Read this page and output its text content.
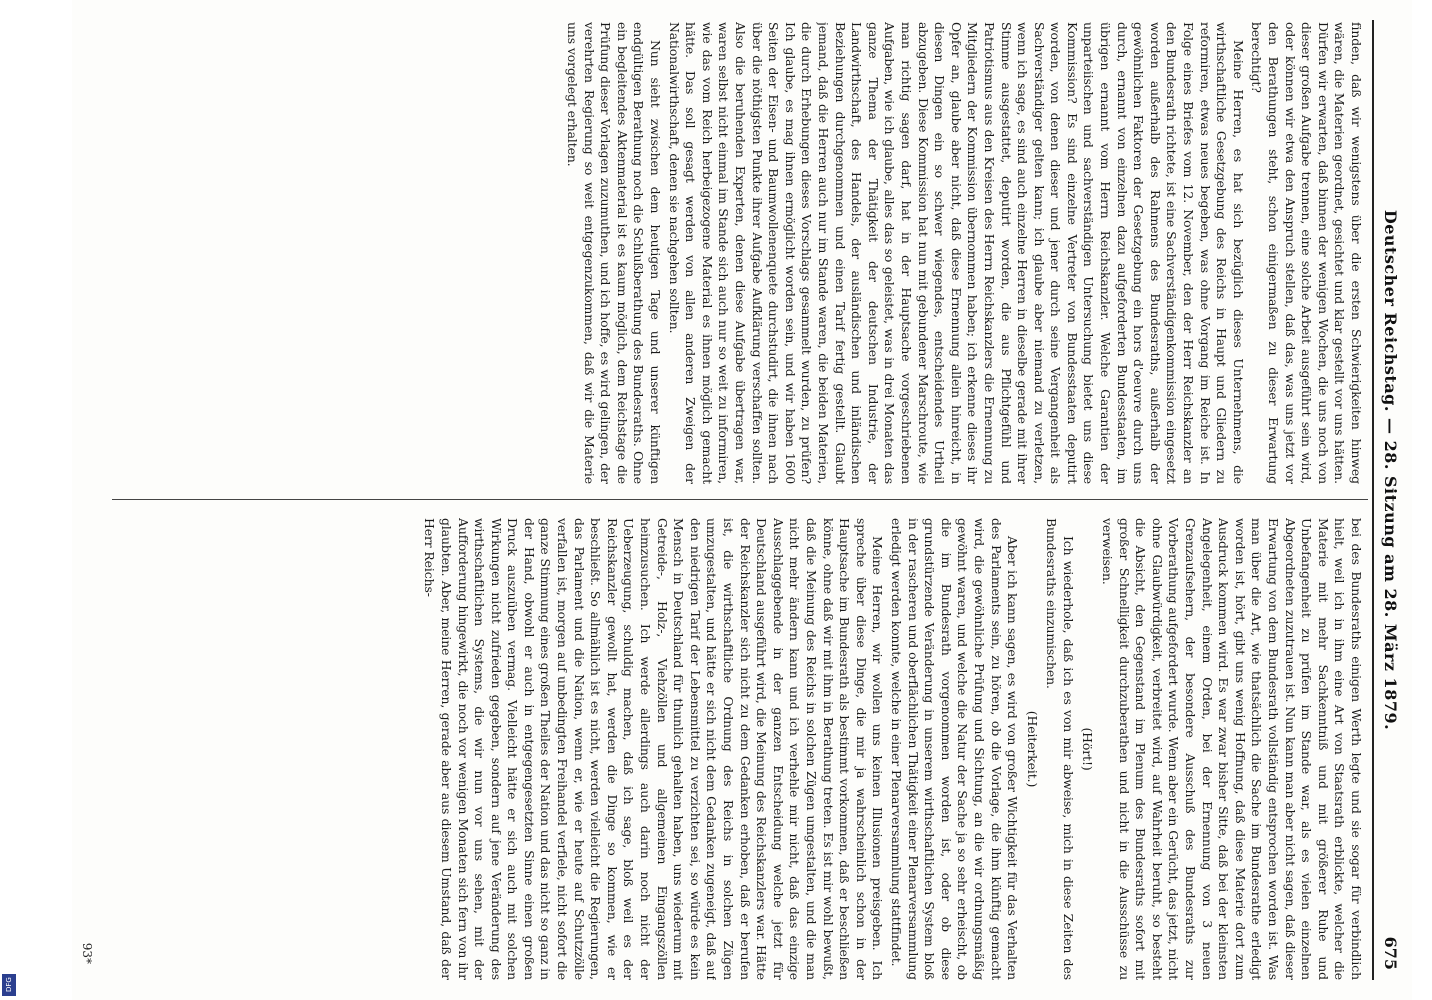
DFG
Deutscher Reichstag. — 28. Sitzung am 28. März 1879.
675

finden, daß wir wenigstens über die ersten Schwierigkeiten hinweg wären, die Materien geordnet, gesichtet und klar gestellt vor uns hätten. Dürfen wir erwarten, daß binnen der wenigen Wochen, die uns noch von dieser großen Aufgabe trennen, eine solche Arbeit ausgeführt sein wird, oder können wir etwa den Anspruch stellen, daß das, was uns jetzt vor den Berathungen steht, schon einigermaßen zu dieser Erwartung berechtigt?

Meine Herren, es hat sich bezüglich dieses Unternehmens, die wirthschaftliche Gesetzgebung des Reichs in Haupt und Gliedern zu reformiren, etwas neues begeben, was ohne Vorgang im Reiche ist. In Folge eines Briefes vom 12. November, den der Herr Reichskanzler an den Bundesrath richtete, ist eine Sachverständigenkommission eingesetzt worden außerhalb des Rahmens des Bundesraths, außerhalb der gewöhnlichen Faktoren der Gesetzgebung ein hors d'oeuvre durch uns durch, ernannt von einzelnen dazu aufgeforderten Bundesstaaten, im übrigen ernannt vom Herrn Reichskanzler. Welche Garantien der unparteiischen und sachverständigen Untersuchung bietet uns diese Kommission? Es sind einzelne Vertreter von Bundesstaaten deputirt worden, von denen dieser und jener durch seine Vergangenheit als Sachverständiger gelten kann; ich glaube aber niemand zu verletzen, wenn ich sage, es sind auch einzelne Herren in dieselbe gerade mit ihrer Stimme ausgestattet, deputirt worden, die aus Pflichtgefühl und Patriotismus aus den Kreisen des Herrn Reichskanzlers die Ernennung zu Mitgliedern der Kommission übernommen haben; ich erkenne dieses ihr Opfer an, glaube aber nicht, daß diese Ernennung allein hinreicht, in diesen Dingen ein so schwer wiegendes, entscheidendes Urtheil abzugeben. Diese Kommission hat nun mit gebundener Marschroute, wie man richtig sagen darf, hat in der Hauptsache vorgeschriebenen Aufgaben, wie ich glaube, alles das so geleistet, was in drei Monaten das ganze Thema der Thätigkeit der deutschen Industrie, der Landwirthschaft, des Handels, der ausländischen und inländischen Beziehungen durchgenommen und einen Tarif fertig gestellt. Glaubt jemand, daß die Herren auch nur im Stande waren, die beiden Materien, die durch Erhebungen dieses Vorschlags gesammelt wurden, zu prüfen? Ich glaube, es mag ihnen ermöglicht worden sein, und wir haben 1600 Seiten der Eisen- und Baumwollenenquete durchstudirt, die ihnen nach über die nöthigsten Punkte ihrer Aufgabe Aufklärung verschaffen sollten. Also die beruhenden Experten, denen diese Aufgabe übertragen war, waren selbst nicht einmal im Stande sich auch nur so weit zu informiren, wie das vom Reich herbeigezogene Material es ihnen möglich gemacht hätte. Das soll gesagt werden von allen anderen Zweigen der Nationalwirthschaft, denen sie nachgehen sollten.

Nun sieht zwischen dem heutigen Tage und unserer künftigen endgültigen Berathung noch die Schlußberathung des Bundesraths. Ohne ein begleitendes Aktenmaterial ist es kaum möglich, dem Reichstage die Prüfung dieser Vorlagen zuzumuthen, und ich hoffe, es wird gelingen, der verehrten Regierung so weit entgegenzukommen, daß wir die Materie uns vorgelegt erhalten.

bei des Bundesraths einigen Werth legte und sie sogar für verbindlich hielt, weil ich in ihm eine Art von Staatsrath erblickte, welcher die Materie mit mehr Sachkenntniß und mit größerer Ruhe und Unbefangenheit zu prüfen im Stande war, als es vielen einzelnen Abgeordneten zuzutrauen ist. Nun kann man aber nicht sagen, daß dieser Erwartung von dem Bundesrath vollständig entsprochen worden ist. Was man über die Art, wie thatsächlich die Sache im Bundesrathe erledigt worden ist, hört, gibt uns wenig Hoffnung, daß diese Materie dort zum Ausdruck kommen wird. Es war zwar bisher Sitte, daß bei der kleinsten Angelegenheit, einem Orden, bei der Ernennung von 3 neuen Grenzaufsehern, der besondere Ausschuß des Bundesraths zur Vorberathung aufgefordert wurde. Wenn aber ein Gerücht, das jetzt, nicht ohne Glaubwürdigkeit, verbreitet wird, auf Wahrheit beruht, so besteht die Absicht, den Gegenstand im Plenum des Bundesraths sofort mit großer Schnelligkeit durchzuberathen und nicht in die Ausschüsse zu verweisen.

(Hört!)

Ich wiederhole, daß ich es von mir abweise, mich in diese Zeiten des Bundesraths einzumischen.

(Heiterkeit.)

Aber ich kann sagen, es wird von großer Wichtigkeit für das Verhalten des Parlaments sein, zu hören, ob die Vorlage, die ihm künftig gemacht wird, die gewöhnliche Prüfung und Sichtung, an die wir ordnungsmäßig gewöhnt waren, und welche die Natur der Sache ja so sehr erheischt, ob die im Bundesrath vorgenommen worden ist, oder ob diese grundstürzende Veränderung in unserem wirthschaftlichen System bloß in der rascheren und oberflächlichen Thätigkeit einer Plenarversammlung erledigt werden konnte, welche in einer Plenarversammlung stattfindet.

Meine Herren, wir wollen uns keinen Illusionen preisgeben. Ich spreche über diese Dinge, die mir ja wahrscheinlich schon in der Hauptsache im Bundesrath als bestimmt vorkommen, daß er beschließen könne, ohne daß wir mit ihm in Berathung treten. Es ist mir wohl bewußt, daß die Meinung des Reichs in solchen Zügen umgestalten, und die man nicht mehr ändern kann und ich verhehle mir nicht, daß das einzige Ausschlaggebende in der ganzen Entscheidung welche jetzt für Deutschland ausgeführt wird, die Meinung des Reichskanzlers war. Hätte der Reichskanzler sich nicht zu dem Gedanken erhoben, daß er berufen ist, die wirthschaftliche Ordnung des Reichs in solchen Zügen umzugestalten, und hätte er sich nicht dem Gedanken zugeneigt, daß auf den niedrigen Tarif der Lebensmittel zu verzichten sei, so würde es kein Mensch in Deutschland für thunlich gehalten haben, uns wiederum mit Getreide-, Holz-, Viehzöllen und allgemeinen Eingangszöllen heimzusuchen. Ich werde allerdings auch darin noch nicht der Ueberzeugung, schuldig machen, daß ich sage, bloß weil es der Reichskanzler gewollt hat, werden die Dinge so kommen, wie er beschließt. So allmählich ist es nicht, werden vielleicht die Regierungen, das Parlament und die Nation, wenn er, wie er heute auf Schutzzölle verfallen ist, morgen auf unbedingten Freihandel verfiele, nicht sofort die ganze Stimmung eines großen Theiles der Nation und das nicht so ganz in der Hand, obwohl er auch in entgegengesetzten Sinne einen großen Druck auszuüben vermag. Vielleicht hätte er sich auch mit solchen Wirkungen nicht zufrieden gegeben, sondern auf jene Veränderung des wirthschaftlichen Systems, die wir nun vor uns sehen, mit der Aufforderung hingewirkt, die noch vor wenigen Monaten sich fern von ihr glaubten. Aber, meine Herren, gerade aber aus diesem Umstand, daß der Herr Reichs-

93*
